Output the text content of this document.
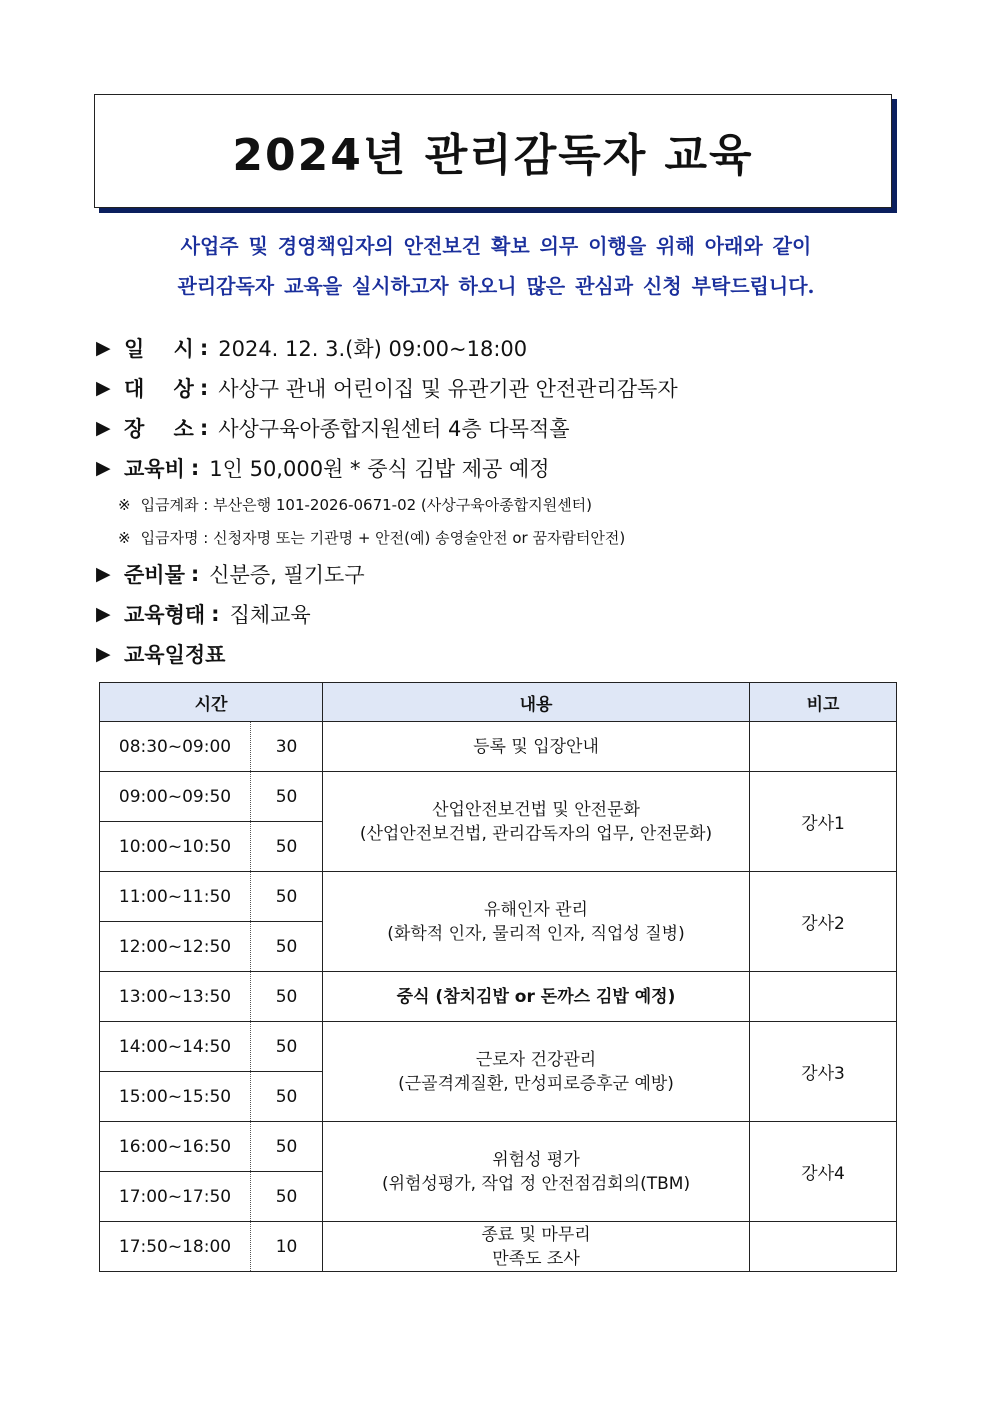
2024년 관리감독자 교육

사업주 및 경영책임자의 안전보건 확보 의무 이행을 위해 아래와 같이

관리감독자 교육을 실시하고자 하오니 많은 관심과 신청 부탁드립니다.

▶ 일    시 : 2024. 12. 3.(화) 09:00~18:00
▶ 대    상 : 사상구 관내 어린이집 및 유관기관 안전관리감독자
▶ 장    소 : 사상구육아종합지원센터 4층 다목적홀
▶ 교육비 : 1인 50,000원 * 중식 김밥 제공 예정
※ 입금계좌 : 부산은행 101-2026-0671-02 (사상구육아종합지원센터)
※ 입금자명 : 신청자명 또는 기관명 + 안전(예) 송영술안전 or 꿈자람터안전)
▶ 준비물 : 신분증, 필기도구
▶ 교육형태 : 집체교육
▶ 교육일정표
시간		내용	비고
08:30~09:00	30	등록 및 입장안내	

09:00~09:50	50	산업안전보건법 및 안전문화
(산업안전보건법, 관리감독자의 업무, 안전문화)	강사1
10:00~10:50	50		
11:00~11:50	50	유해인자 관리
(화학적 인자, 물리적 인자, 직업성 질병)	강사2
12:00~12:50	50		
13:00~13:50	50	중식 (참치김밥 or 돈까스 김밥 예정)	

14:00~14:50	50	근로자 건강관리
(근골격계질환, 만성피로증후군 예방)	강사3
15:00~15:50	50		
16:00~16:50	50	위험성 평가
(위험성평가, 작업 정 안전점검회의(TBM)	강사4
17:00~17:50	50		
17:50~18:00	10	종료 및 마무리
만족도 조사	
